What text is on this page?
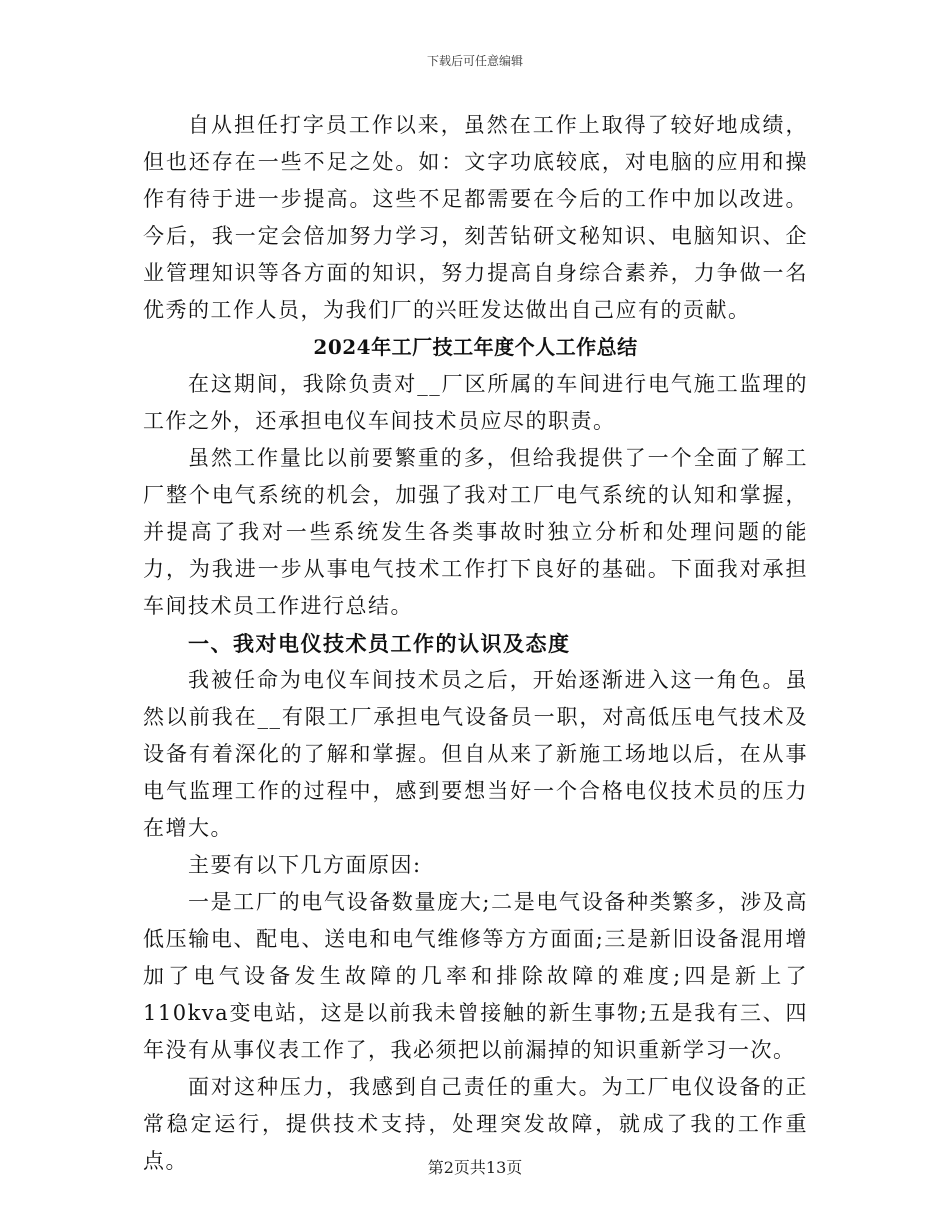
下载后可任意编辑

自从担任打字员工作以来，虽然在工作上取得了较好地成绩，但也还存在一些不足之处。如：文字功底较底，对电脑的应用和操作有待于进一步提高。这些不足都需要在今后的工作中加以改进。今后，我一定会倍加努力学习，刻苦钻研文秘知识、电脑知识、企业管理知识等各方面的知识，努力提高自身综合素养，力争做一名优秀的工作人员，为我们厂的兴旺发达做出自己应有的贡献。

2024年工厂技工年度个人工作总结

在这期间，我除负责对__厂区所属的车间进行电气施工监理的工作之外，还承担电仪车间技术员应尽的职责。

虽然工作量比以前要繁重的多，但给我提供了一个全面了解工厂整个电气系统的机会，加强了我对工厂电气系统的认知和掌握，并提高了我对一些系统发生各类事故时独立分析和处理问题的能力，为我进一步从事电气技术工作打下良好的基础。下面我对承担车间技术员工作进行总结。

一、我对电仪技术员工作的认识及态度

我被任命为电仪车间技术员之后，开始逐渐进入这一角色。虽然以前我在__有限工厂承担电气设备员一职，对高低压电气技术及设备有着深化的了解和掌握。但自从来了新施工场地以后，在从事电气监理工作的过程中，感到要想当好一个合格电仪技术员的压力在增大。

主要有以下几方面原因:

一是工厂的电气设备数量庞大;二是电气设备种类繁多，涉及高低压输电、配电、送电和电气维修等方方面面;三是新旧设备混用增加了电气设备发生故障的几率和排除故障的难度;四是新上了110kva变电站，这是以前我未曾接触的新生事物;五是我有三、四年没有从事仪表工作了，我必须把以前漏掉的知识重新学习一次。

面对这种压力，我感到自己责任的重大。为工厂电仪设备的正常稳定运行，提供技术支持，处理突发故障，就成了我的工作重点。	第2页共13页
